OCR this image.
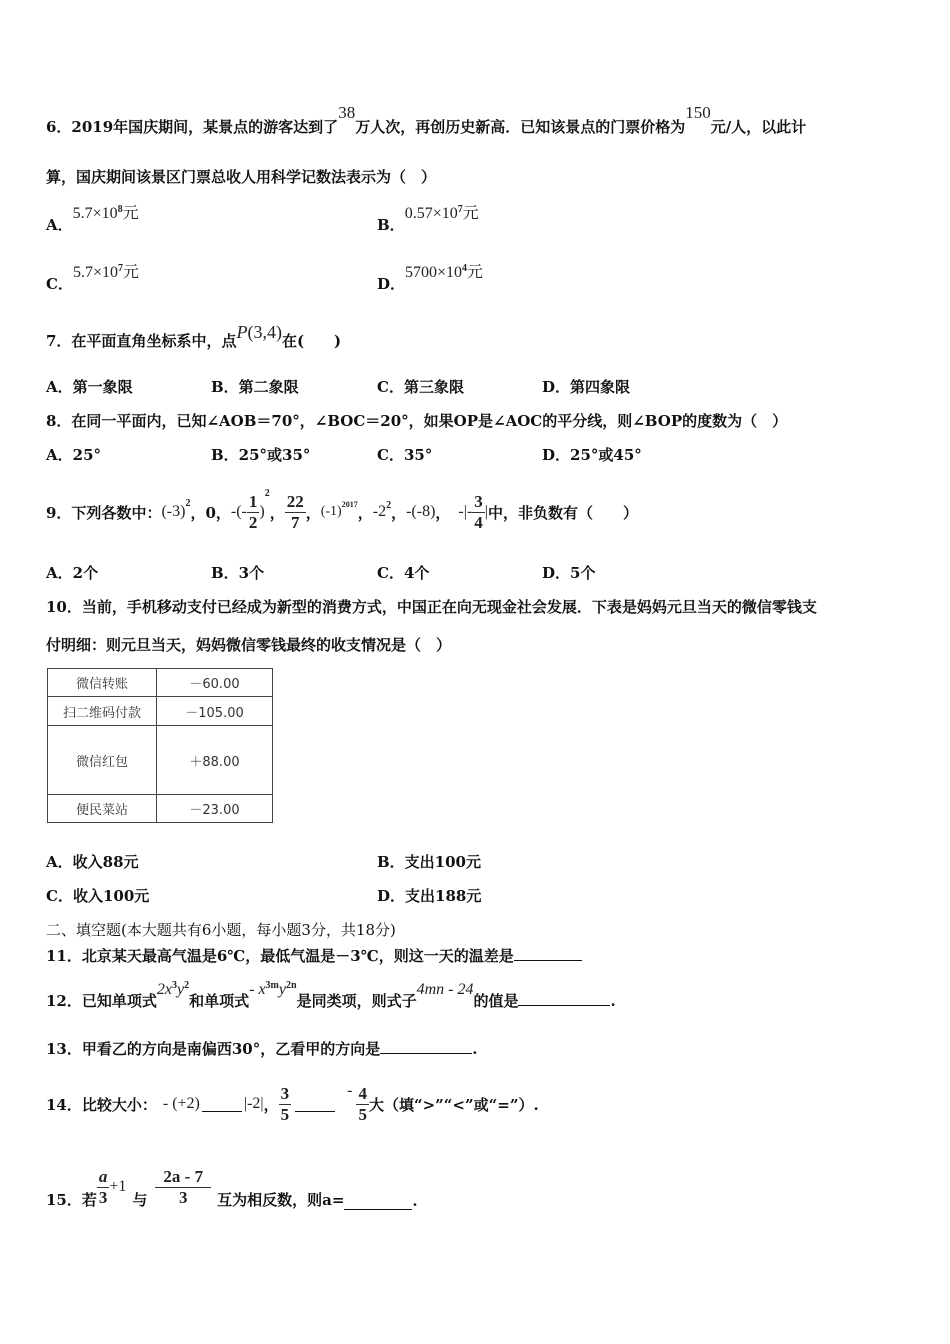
6．2019年国庆期间，某景点的游客达到了38万人次，再创历史新高．已知该景点的门票价格为150元/人，以此计
算，国庆期间该景区门票总收人用科学记数法表示为（　）
A．$5.7\times 10^8$元
B．$0.57\times 10^7$元
C．$5.7\times 10^7$元
D．$5700\times 10^4$元
7．在平面直角坐标系中，点P(3,4)在(　　)
A．第一象限	B．第二象限	C．第三象限	D．第四象限
8．在同一平面内，已知∠AOB＝70°，∠BOC＝20°，如果OP是∠AOC的平分线，则∠BOP的度数为（　）
A．25°	B．25°或35°	C．35°	D．25°或45°
9．下列各数中： $(-3)^2$ ，0， -(- $\frac{1}{2}$ )
2
， $\frac{22}{7}$ ， $(-1)^{2017}$ ， $-2^2$ ， -(-8) ， -|- $\frac{3}{4}$ | 中，非负数有（　　）
A．2个	B．3个	C．4个	D．5个
10．当前，手机移动支付已经成为新型的消费方式，中国正在向无现金社会发展．下表是妈妈元旦当天的微信零钱支
付明细：则元旦当天，妈妈微信零钱最终的收支情况是（　）
微信转账	－60.00
扫二维码付款	－105.00
微信红包	＋88.00
便民菜站	－23.00
A．收入88元	B．支出100元
C．收入100元	D．支出188元
二、填空题(本大题共有6小题，每小题3分，共18分)
11．北京某天最高气温是6℃，最低气温是－3℃，则这一天的温差是
12．已知单项式$2x^3y^2$和单项式- $x^{3m}y^{2n}$是同类项，则式子4mn - 24的值是	.
13．甲看乙的方向是南偏西30°，乙看甲的方向是	.
14．比较大小： - (+2)	|-2| ， $\frac{3}{5}$	- $\frac{4}{5}$ 大（填“>”“<”或“=”）.
15．若 $\frac{a}{3} +1$
与 $\frac{2a - 7}{3}$ 互为相反数，则a=	.
